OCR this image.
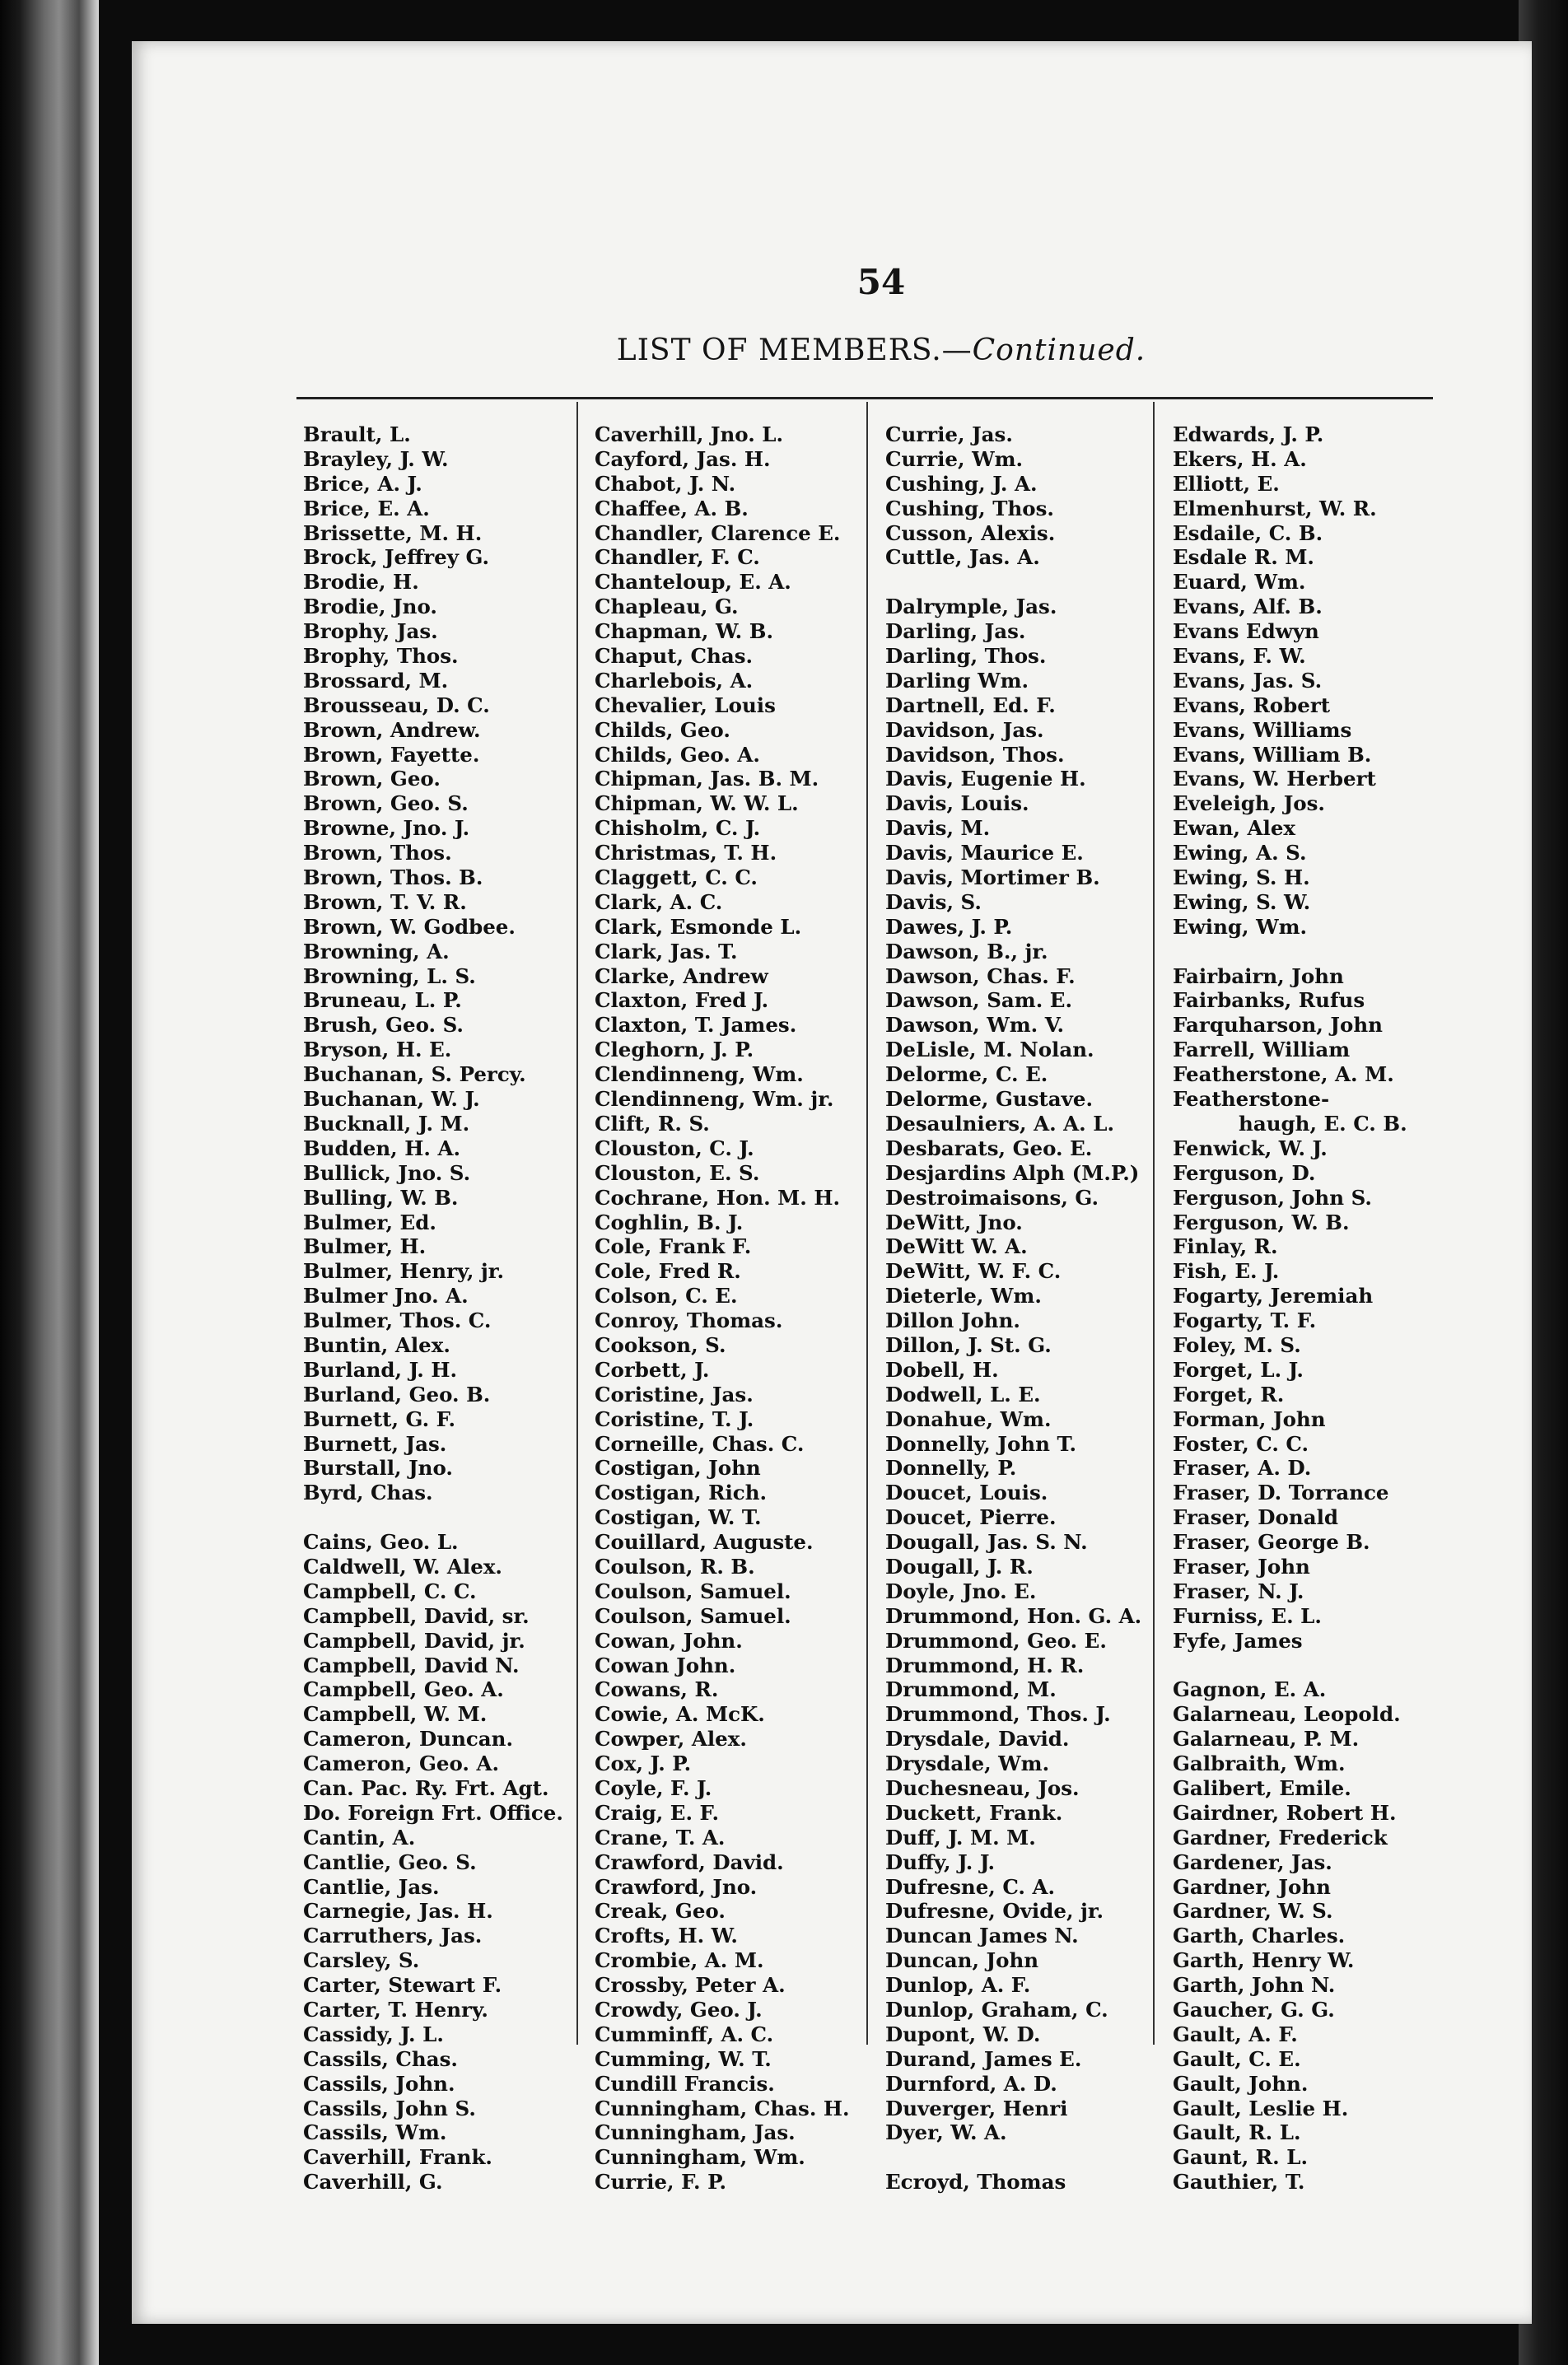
54
LIST OF MEMBERS.—Continued.
Brault, L.
Brayley, J. W.
Brice, A. J.
Brice, E. A.
Brissette, M. H.
Brock, Jeffrey G.
Brodie, H.
Brodie, Jno.
Brophy, Jas.
Brophy, Thos.
Brossard, M.
Brousseau, D. C.
Brown, Andrew.
Brown, Fayette.
Brown, Geo.
Brown, Geo. S.
Browne, Jno. J.
Brown, Thos.
Brown, Thos. B.
Brown, T. V. R.
Brown, W. Godbee.
Browning, A.
Browning, L. S.
Bruneau, L. P.
Brush, Geo. S.
Bryson, H. E.
Buchanan, S. Percy.
Buchanan, W. J.
Bucknall, J. M.
Budden, H. A.
Bullick, Jno. S.
Bulling, W. B.
Bulmer, Ed.
Bulmer, H.
Bulmer, Henry, jr.
Bulmer Jno. A.
Bulmer, Thos. C.
Buntin, Alex.
Burland, J. H.
Burland, Geo. B.
Burnett, G. F.
Burnett, Jas.
Burstall, Jno.
Byrd, Chas.
Cains, Geo. L.
Caldwell, W. Alex.
Campbell, C. C.
Campbell, David, sr.
Campbell, David, jr.
Campbell, David N.
Campbell, Geo. A.
Campbell, W. M.
Cameron, Duncan.
Cameron, Geo. A.
Can. Pac. Ry. Frt. Agt.
Do. Foreign Frt. Office.
Cantin, A.
Cantlie, Geo. S.
Cantlie, Jas.
Carnegie, Jas. H.
Carruthers, Jas.
Carsley, S.
Carter, Stewart F.
Carter, T. Henry.
Cassidy, J. L.
Cassils, Chas.
Cassils, John.
Cassils, John S.
Cassils, Wm.
Caverhill, Frank.
Caverhill, G.
Caverhill, Jno. L.
Cayford, Jas. H.
Chabot, J. N.
Chaffee, A. B.
Chandler, Clarence E.
Chandler, F. C.
Chanteloup, E. A.
Chapleau, G.
Chapman, W. B.
Chaput, Chas.
Charlebois, A.
Chevalier, Louis
Childs, Geo.
Childs, Geo. A.
Chipman, Jas. B. M.
Chipman, W. W. L.
Chisholm, C. J.
Christmas, T. H.
Claggett, C. C.
Clark, A. C.
Clark, Esmonde L.
Clark, Jas. T.
Clarke, Andrew
Claxton, Fred J.
Claxton, T. James.
Cleghorn, J. P.
Clendinneng, Wm.
Clendinneng, Wm. jr.
Clift, R. S.
Clouston, C. J.
Clouston, E. S.
Cochrane, Hon. M. H.
Coghlin, B. J.
Cole, Frank F.
Cole, Fred R.
Colson, C. E.
Conroy, Thomas.
Cookson, S.
Corbett, J.
Coristine, Jas.
Coristine, T. J.
Corneille, Chas. C.
Costigan, John
Costigan, Rich.
Costigan, W. T.
Couillard, Auguste.
Coulson, R. B.
Coulson, Samuel.
Coulson, Samuel.
Cowan, John.
Cowan John.
Cowans, R.
Cowie, A. McK.
Cowper, Alex.
Cox, J. P.
Coyle, F. J.
Craig, E. F.
Crane, T. A.
Crawford, David.
Crawford, Jno.
Creak, Geo.
Crofts, H. W.
Crombie, A. M.
Crossby, Peter A.
Crowdy, Geo. J.
Cumminff, A. C.
Cumming, W. T.
Cundill Francis.
Cunningham, Chas. H.
Cunningham, Jas.
Cunningham, Wm.
Currie, F. P.
Currie, Jas.
Currie, Wm.
Cushing, J. A.
Cushing, Thos.
Cusson, Alexis.
Cuttle, Jas. A.
Dalrymple, Jas.
Darling, Jas.
Darling, Thos.
Darling Wm.
Dartnell, Ed. F.
Davidson, Jas.
Davidson, Thos.
Davis, Eugenie H.
Davis, Louis.
Davis, M.
Davis, Maurice E.
Davis, Mortimer B.
Davis, S.
Dawes, J. P.
Dawson, B., jr.
Dawson, Chas. F.
Dawson, Sam. E.
Dawson, Wm. V.
DeLisle, M. Nolan.
Delorme, C. E.
Delorme, Gustave.
Desaulniers, A. A. L.
Desbarats, Geo. E.
Desjardins Alph (M.P.)
Destroimaisons, G.
DeWitt, Jno.
DeWitt W. A.
DeWitt, W. F. C.
Dieterle, Wm.
Dillon John.
Dillon, J. St. G.
Dobell, H.
Dodwell, L. E.
Donahue, Wm.
Donnelly, John T.
Donnelly, P.
Doucet, Louis.
Doucet, Pierre.
Dougall, Jas. S. N.
Dougall, J. R.
Doyle, Jno. E.
Drummond, Hon. G. A.
Drummond, Geo. E.
Drummond, H. R.
Drummond, M.
Drummond, Thos. J.
Drysdale, David.
Drysdale, Wm.
Duchesneau, Jos.
Duckett, Frank.
Duff, J. M. M.
Duffy, J. J.
Dufresne, C. A.
Dufresne, Ovide, jr.
Duncan James N.
Duncan, John
Dunlop, A. F.
Dunlop, Graham, C.
Dupont, W. D.
Durand, James E.
Durnford, A. D.
Duverger, Henri
Dyer, W. A.
Ecroyd, Thomas
Edwards, J. P.
Ekers, H. A.
Elliott, E.
Elmenhurst, W. R.
Esdaile, C. B.
Esdale R. M.
Euard, Wm.
Evans, Alf. B.
Evans Edwyn
Evans, F. W.
Evans, Jas. S.
Evans, Robert
Evans, Williams
Evans, William B.
Evans, W. Herbert
Eveleigh, Jos.
Ewan, Alex
Ewing, A. S.
Ewing, S. H.
Ewing, S. W.
Ewing, Wm.
Fairbairn, John
Fairbanks, Rufus
Farquharson, John
Farrell, William
Featherstone, A. M.
Featherstone-
haugh, E. C. B.
Fenwick, W. J.
Ferguson, D.
Ferguson, John S.
Ferguson, W. B.
Finlay, R.
Fish, E. J.
Fogarty, Jeremiah
Fogarty, T. F.
Foley, M. S.
Forget, L. J.
Forget, R.
Forman, John
Foster, C. C.
Fraser, A. D.
Fraser, D. Torrance
Fraser, Donald
Fraser, George B.
Fraser, John
Fraser, N. J.
Furniss, E. L.
Fyfe, James
Gagnon, E. A.
Galarneau, Leopold.
Galarneau, P. M.
Galbraith, Wm.
Galibert, Emile.
Gairdner, Robert H.
Gardner, Frederick
Gardener, Jas.
Gardner, John
Gardner, W. S.
Garth, Charles.
Garth, Henry W.
Garth, John N.
Gaucher, G. G.
Gault, A. F.
Gault, C. E.
Gault, John.
Gault, Leslie H.
Gault, R. L.
Gaunt, R. L.
Gauthier, T.
